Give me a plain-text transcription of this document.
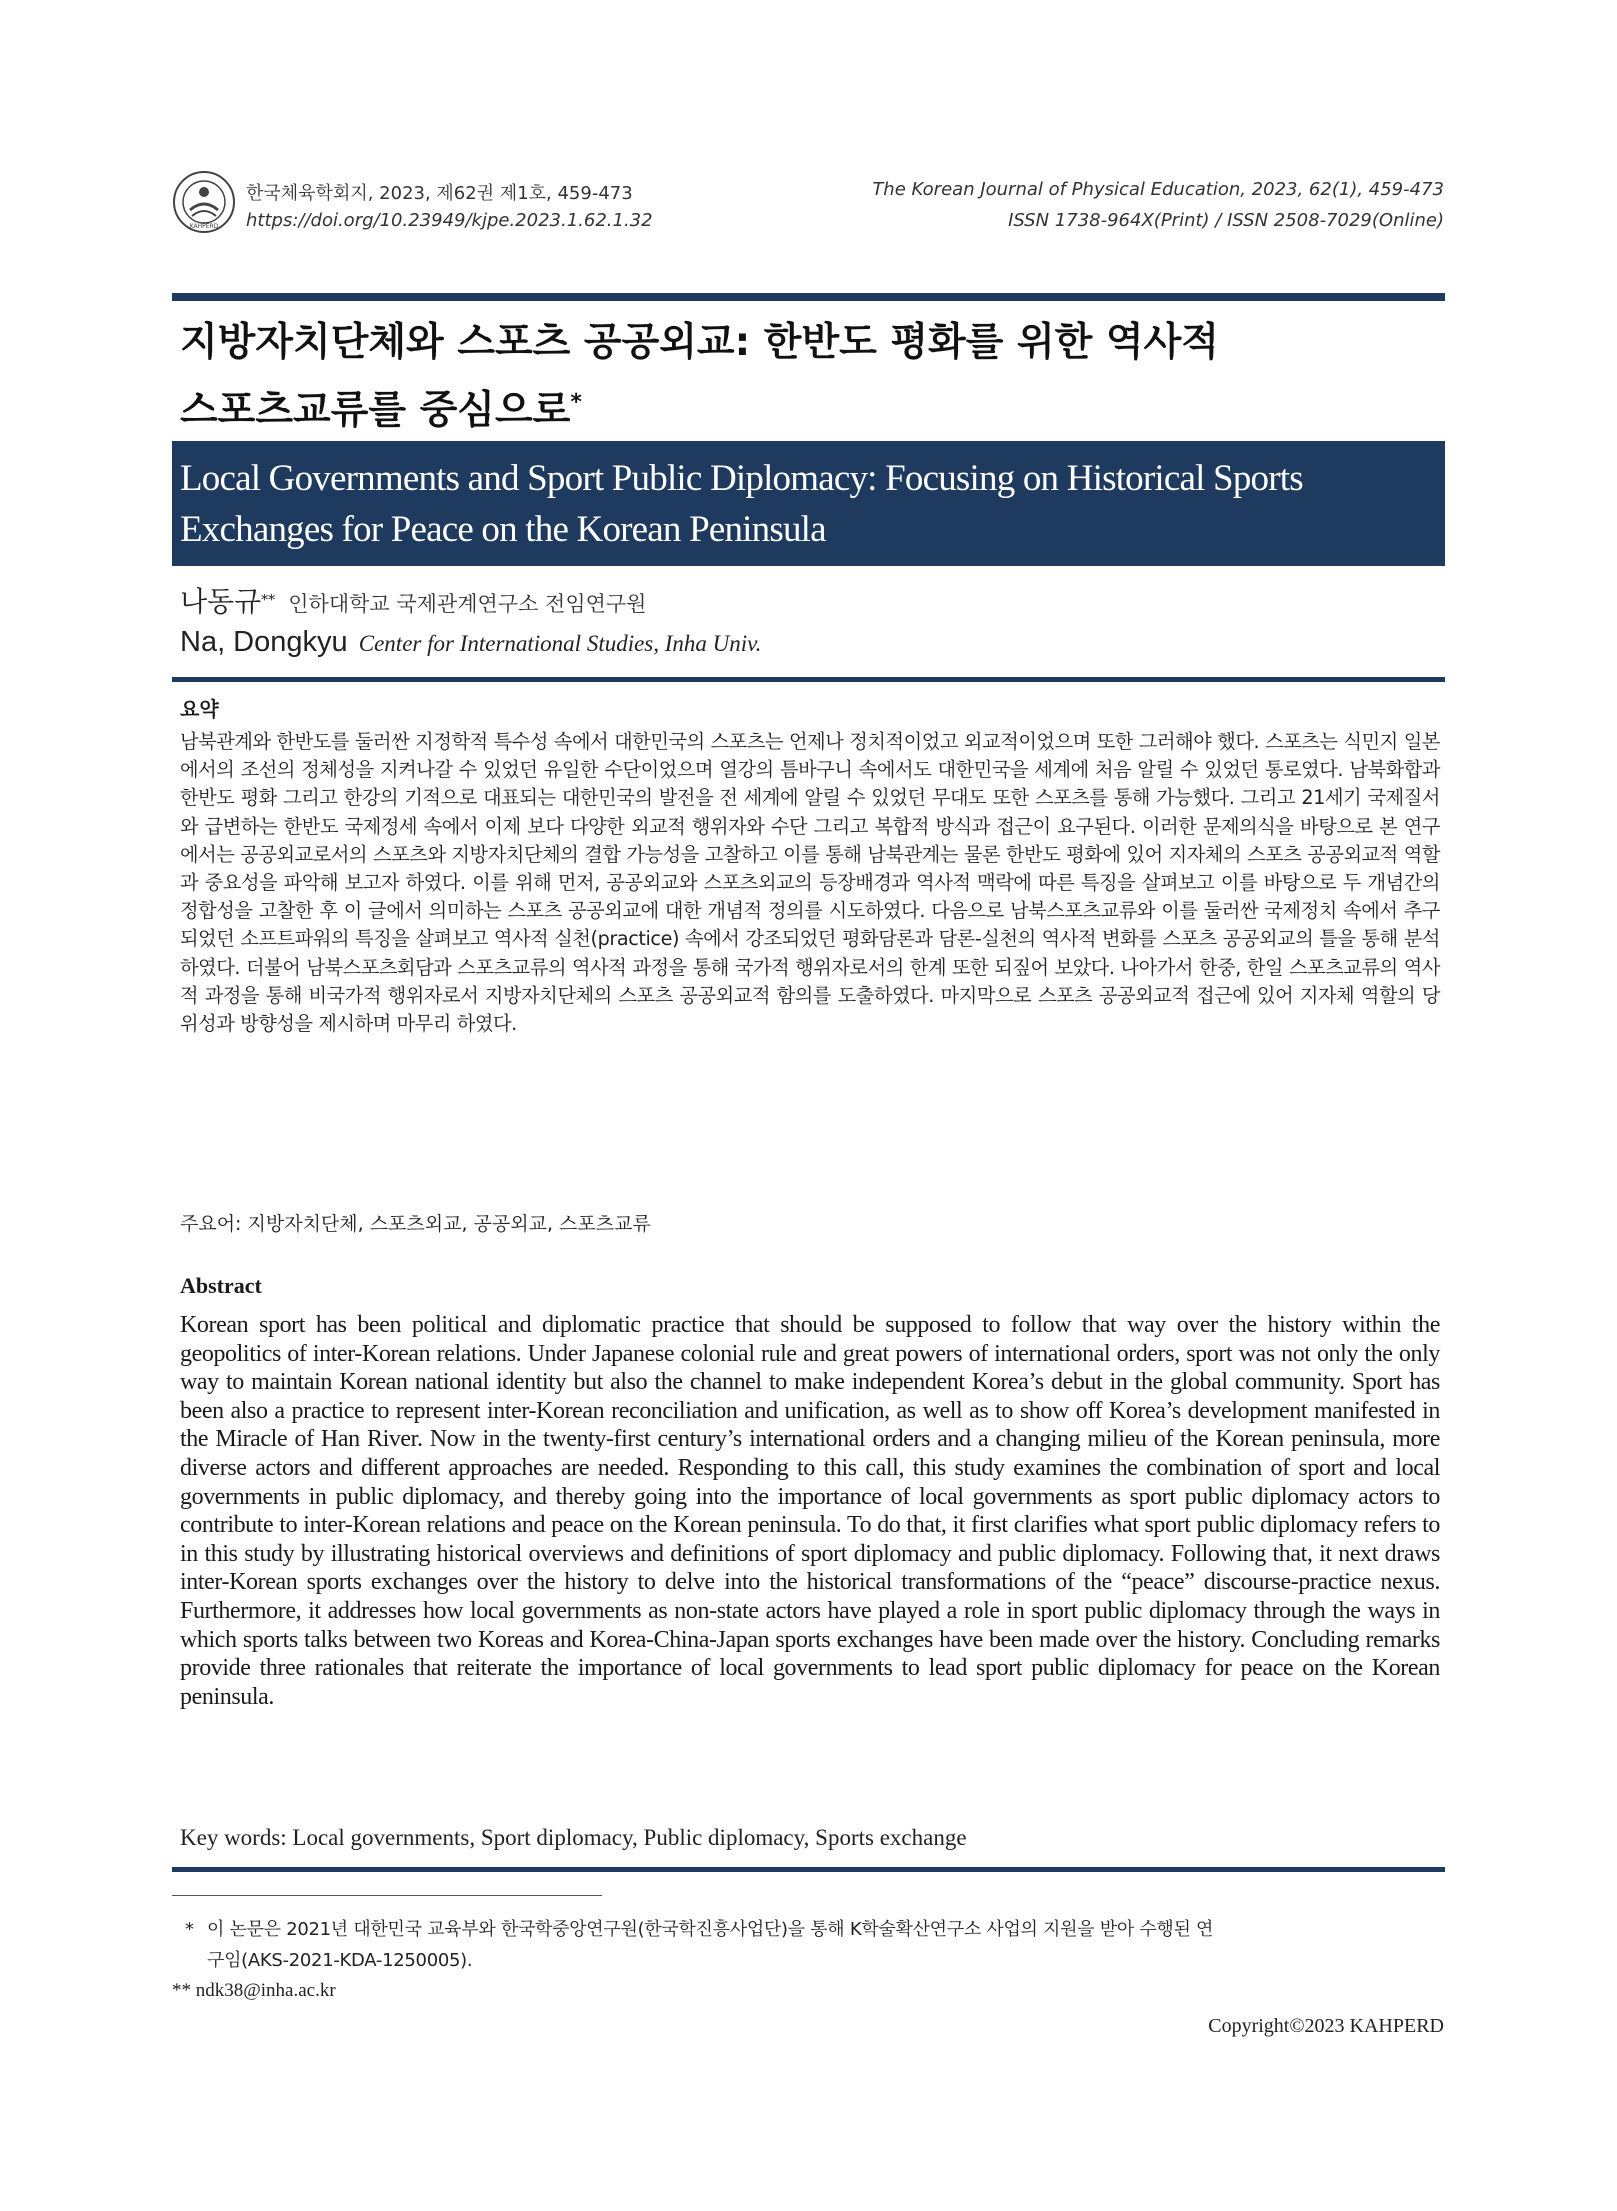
KAHPERD
한국체육학회지, 2023, 제62권 제1호, 459-473
https://doi.org/10.23949/kjpe.2023.1.62.1.32
The Korean Journal of Physical Education, 2023, 62(1), 459-473
ISSN 1738-964X(Print) / ISSN 2508-7029(Online)
지방자치단체와 스포츠 공공외교: 한반도 평화를 위한 역사적
스포츠교류를 중심으로*
Local Governments and Sport Public Diplomacy: Focusing on Historical Sports
Exchanges for Peace on the Korean Peninsula
나동규** 인하대학교 국제관계연구소 전임연구원
Na, Dongkyu Center for International Studies, Inha Univ.
요약
남북관계와 한반도를 둘러싼 지정학적 특수성 속에서 대한민국의 스포츠는 언제나 정치적이었고 외교적이었으며 또한 그러해야 했다. 스포츠는 식민지 일본에서의 조선의 정체성을 지켜나갈 수 있었던 유일한 수단이었으며 열강의 틈바구니 속에서도 대한민국을 세계에 처음 알릴 수 있었던 통로였다. 남북화합과 한반도 평화 그리고 한강의 기적으로 대표되는 대한민국의 발전을 전 세계에 알릴 수 있었던 무대도 또한 스포츠를 통해 가능했다. 그리고 21세기 국제질서와 급변하는 한반도 국제정세 속에서 이제 보다 다양한 외교적 행위자와 수단 그리고 복합적 방식과 접근이 요구된다. 이러한 문제의식을 바탕으로 본 연구에서는 공공외교로서의 스포츠와 지방자치단체의 결합 가능성을 고찰하고 이를 통해 남북관계는 물론 한반도 평화에 있어 지자체의 스포츠 공공외교적 역할과 중요성을 파악해 보고자 하였다. 이를 위해 먼저, 공공외교와 스포츠외교의 등장배경과 역사적 맥락에 따른 특징을 살펴보고 이를 바탕으로 두 개념간의 정합성을 고찰한 후 이 글에서 의미하는 스포츠 공공외교에 대한 개념적 정의를 시도하였다. 다음으로 남북스포츠교류와 이를 둘러싼 국제정치 속에서 추구되었던 소프트파워의 특징을 살펴보고 역사적 실천(practice) 속에서 강조되었던 평화담론과 담론-실천의 역사적 변화를 스포츠 공공외교의 틀을 통해 분석하였다. 더불어 남북스포츠회담과 스포츠교류의 역사적 과정을 통해 국가적 행위자로서의 한계 또한 되짚어 보았다. 나아가서 한중, 한일 스포츠교류의 역사적 과정을 통해 비국가적 행위자로서 지방자치단체의 스포츠 공공외교적 함의를 도출하였다. 마지막으로 스포츠 공공외교적 접근에 있어 지자체 역할의 당위성과 방향성을 제시하며 마무리 하였다.
주요어: 지방자치단체, 스포츠외교, 공공외교, 스포츠교류
Abstract
Korean sport has been political and diplomatic practice that should be supposed to follow that way over the history within the geopolitics of inter-Korean relations. Under Japanese colonial rule and great powers of international orders, sport was not only the only way to maintain Korean national identity but also the channel to make independent Korea’s debut in the global community. Sport has been also a practice to represent inter-Korean reconciliation and unification, as well as to show off Korea’s development manifested in the Miracle of Han River. Now in the twenty-first century’s international orders and a changing milieu of the Korean peninsula, more diverse actors and different approaches are needed. Responding to this call, this study examines the combination of sport and local governments in public diplomacy, and thereby going into the importance of local governments as sport public diplomacy actors to contribute to inter-Korean relations and peace on the Korean peninsula. To do that, it first clarifies what sport public diplomacy refers to in this study by illustrating historical overviews and definitions of sport diplomacy and public diplomacy. Following that, it next draws inter-Korean sports exchanges over the history to delve into the historical transformations of the “peace” discourse-practice nexus. Furthermore, it addresses how local governments as non-state actors have played a role in sport public diplomacy through the ways in which sports talks between two Koreas and Korea-China-Japan sports exchanges have been made over the history. Concluding remarks provide three rationales that reiterate the importance of local governments to lead sport public diplomacy for peace on the Korean peninsula.
Key words: Local governments, Sport diplomacy, Public diplomacy, Sports exchange
* 이 논문은 2021년 대한민국 교육부와 한국학중앙연구원(한국학진흥사업단)을 통해 K학술확산연구소 사업의 지원을 받아 수행된 연
구임(AKS-2021-KDA-1250005).
** ndk38@inha.ac.kr
Copyright©2023 KAHPERD
